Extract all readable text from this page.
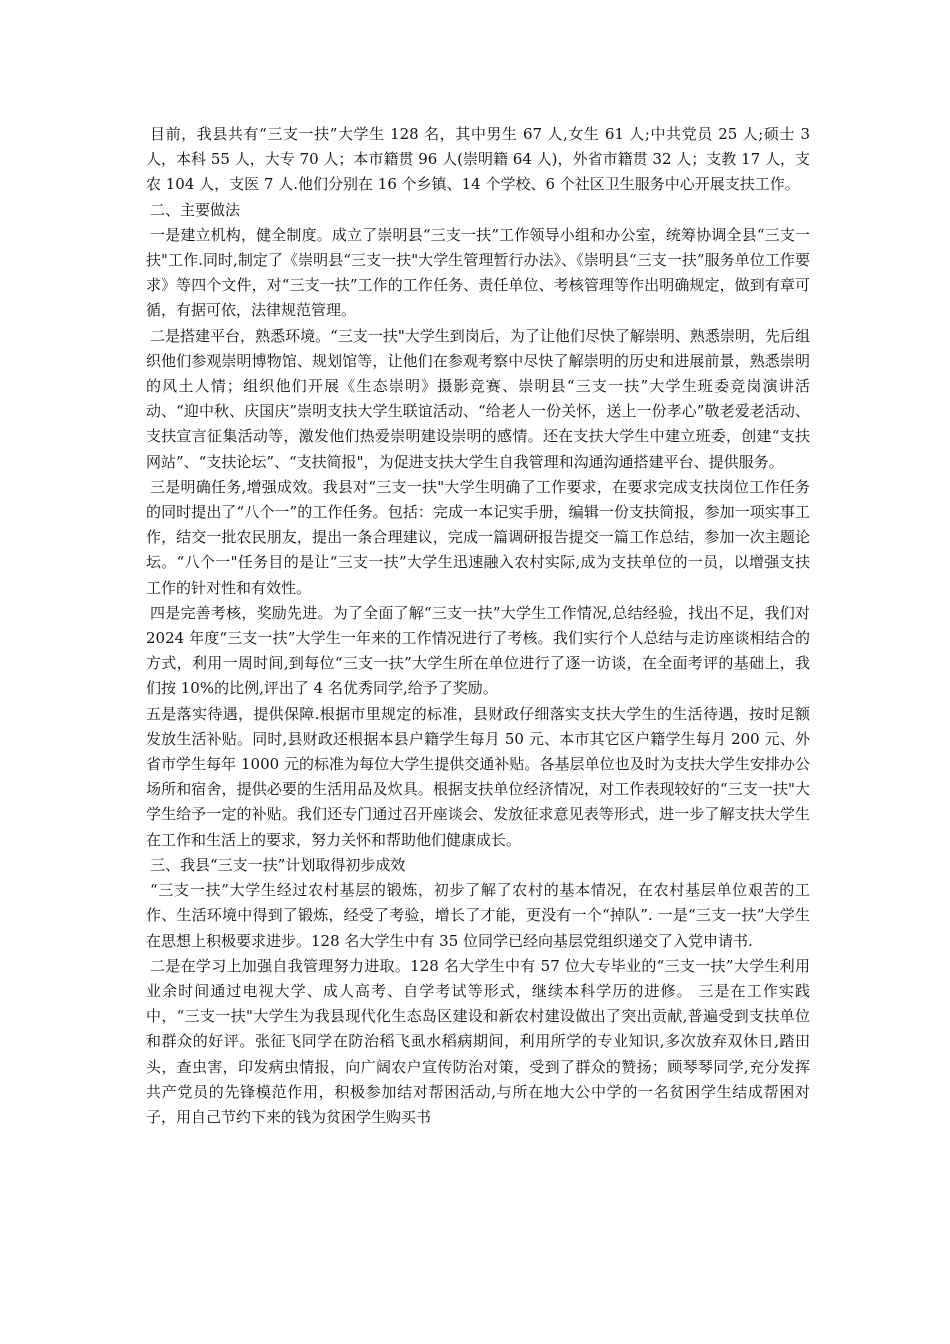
目前，我县共有“三支一扶”大学生 128 名，其中男生 67 人,女生 61 人;中共党员 25 人;硕士 3 人，本科 55 人，大专 70 人；本市籍贯 96 人(崇明籍 64 人)，外省市籍贯 32 人；支教 17 人，支农 104 人，支医 7 人.他们分别在 16 个乡镇、14 个学校、6 个社区卫生服务中心开展支扶工作。

二、主要做法

一是建立机构，健全制度。成立了崇明县“三支一扶”工作领导小组和办公室，统筹协调全县“三支一扶"工作.同时,制定了《崇明县“三支一扶"大学生管理暂行办法》、《崇明县“三支一扶”服务单位工作要求》等四个文件，对“三支一扶”工作的工作任务、责任单位、考核管理等作出明确规定，做到有章可循，有据可依，法律规范管理。

二是搭建平台，熟悉环境。“三支一扶"大学生到岗后，为了让他们尽快了解崇明、熟悉崇明，先后组织他们参观崇明博物馆、规划馆等，让他们在参观考察中尽快了解崇明的历史和进展前景，熟悉崇明的风土人情；组织他们开展《生态崇明》摄影竞赛、崇明县“三支一扶”大学生班委竞岗演讲活动、“迎中秋、庆国庆”崇明支扶大学生联谊活动、“给老人一份关怀，送上一份孝心”敬老爱老活动、支扶宣言征集活动等，激发他们热爱崇明建设崇明的感情。还在支扶大学生中建立班委，创建“支扶网站”、“支扶论坛”、“支扶简报"，为促进支扶大学生自我管理和沟通沟通搭建平台、提供服务。

三是明确任务,增强成效。我县对“三支一扶"大学生明确了工作要求，在要求完成支扶岗位工作任务的同时提出了“八个一”的工作任务。包括：完成一本记实手册，编辑一份支扶简报，参加一项实事工作，结交一批农民朋友，提出一条合理建议，完成一篇调研报告提交一篇工作总结，参加一次主题论坛。“八个一"任务目的是让“三支一扶”大学生迅速融入农村实际,成为支扶单位的一员，以增强支扶工作的针对性和有效性。

四是完善考核，奖励先进。为了全面了解“三支一扶”大学生工作情况,总结经验，找出不足，我们对 2024 年度“三支一扶”大学生一年来的工作情况进行了考核。我们实行个人总结与走访座谈相结合的方式，利用一周时间,到每位“三支一扶”大学生所在单位进行了逐一访谈，在全面考评的基础上，我们按 10%的比例,评出了 4 名优秀同学,给予了奖励。

五是落实待遇，提供保障.根据市里规定的标准，县财政仔细落实支扶大学生的生活待遇，按时足额发放生活补贴。同时,县财政还根据本县户籍学生每月 50 元、本市其它区户籍学生每月 200 元、外省市学生每年 1000 元的标准为每位大学生提供交通补贴。各基层单位也及时为支扶大学生安排办公场所和宿舍，提供必要的生活用品及炊具。根据支扶单位经济情况，对工作表现较好的“三支一扶"大学生给予一定的补贴。我们还专门通过召开座谈会、发放征求意见表等形式，进一步了解支扶大学生在工作和生活上的要求，努力关怀和帮助他们健康成长。

三、我县“三支一扶”计划取得初步成效

“三支一扶”大学生经过农村基层的锻炼，初步了解了农村的基本情况，在农村基层单位艰苦的工作、生活环境中得到了锻炼，经受了考验，增长了才能，更没有一个“掉队”. 一是“三支一扶”大学生在思想上积极要求进步。128 名大学生中有 35 位同学已经向基层党组织递交了入党申请书.

二是在学习上加强自我管理努力进取。128 名大学生中有 57 位大专毕业的“三支一扶”大学生利用业余时间通过电视大学、成人高考、自学考试等形式，继续本科学历的进修。 三是在工作实践中，“三支一扶"大学生为我县现代化生态岛区建设和新农村建设做出了突出贡献,普遍受到支扶单位和群众的好评。张征飞同学在防治稻飞虱水稻病期间，利用所学的专业知识,多次放弃双休日,踏田头，查虫害，印发病虫情报，向广阔农户宣传防治对策，受到了群众的赞扬；顾琴琴同学,充分发挥共产党员的先锋模范作用，积极参加结对帮困活动,与所在地大公中学的一名贫困学生结成帮困对子，用自己节约下来的钱为贫困学生购买书
